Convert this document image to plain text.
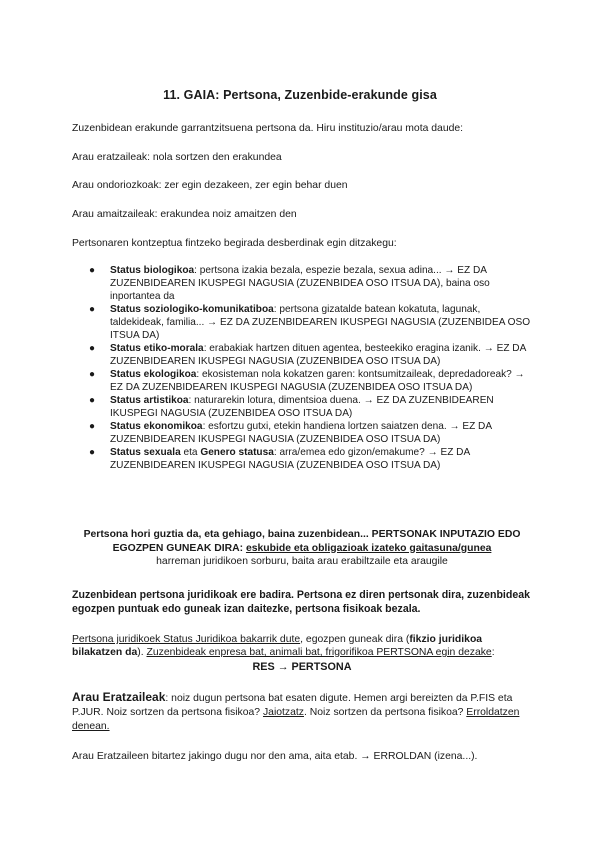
11. GAIA: Pertsona, Zuzenbide-erakunde gisa
Zuzenbidean erakunde garrantzitsuena pertsona da. Hiru instituzio/arau mota daude:
Arau eratzaileak: nola sortzen den erakundea
Arau ondoriozkoak: zer egin dezakeen, zer egin behar duen
Arau amaitzaileak: erakundea noiz amaitzen den
Pertsonaren kontzeptua fintzeko begirada desberdinak egin ditzakegu:
● Status biologikoa: pertsona izakia bezala, espezie bezala, sexua adina... → EZ DA ZUZENBIDEAREN IKUSPEGI NAGUSIA (ZUZENBIDEA OSO ITSUA DA), baina oso inportantea da
● Status soziologiko-komunikatiboa: pertsona gizatalde batean kokatuta, lagunak, taldekideak, familia... → EZ DA ZUZENBIDEAREN IKUSPEGI NAGUSIA (ZUZENBIDEA OSO ITSUA DA)
● Status etiko-morala: erabakiak hartzen dituen agentea, besteekiko eragina izanik. → EZ DA ZUZENBIDEAREN IKUSPEGI NAGUSIA (ZUZENBIDEA OSO ITSUA DA)
● Status ekologikoa: ekosisteman nola kokatzen garen: kontsumitzaileak, depredadoreak? → EZ DA ZUZENBIDEAREN IKUSPEGI NAGUSIA (ZUZENBIDEA OSO ITSUA DA)
● Status artistikoa: naturarekin lotura, dimentsioa duena. → EZ DA ZUZENBIDEAREN IKUSPEGI NAGUSIA (ZUZENBIDEA OSO ITSUA DA)
● Status ekonomikoa: esfortzu gutxi, etekin handiena lortzen saiatzen dena. → EZ DA ZUZENBIDEAREN IKUSPEGI NAGUSIA (ZUZENBIDEA OSO ITSUA DA)
● Status sexuala eta Genero statusa: arra/emea edo gizon/emakume? → EZ DA ZUZENBIDEAREN IKUSPEGI NAGUSIA (ZUZENBIDEA OSO ITSUA DA)
Pertsona hori guztia da, eta gehiago, baina zuzenbidean... PERTSONAK INPUTAZIO EDO EGOZPEN GUNEAK DIRA: eskubide eta obligazioak izateko gaitasuna/gunea
harreman juridikoen sorburu, baita arau erabiltzaile eta araugile
Zuzenbidean pertsona juridikoak ere badira. Pertsona ez diren pertsonak dira, zuzenbideak egozpen puntuak edo guneak izan daitezke, pertsona fisikoak bezala.
Pertsona juridikoek Status Juridikoa bakarrik dute, egozpen guneak dira (fikzio juridikoa bilakatzen da). Zuzenbideak enpresa bat, animali bat, frigorifikoa PERTSONA egin dezake:
RES → PERTSONA
Arau Eratzaileak: noiz dugun pertsona bat esaten digute. Hemen argi bereizten da P.FIS eta P.JUR. Noiz sortzen da pertsona fisikoa? Jaiotzatz. Noiz sortzen da pertsona fisikoa? Erroldatzen denean.
Arau Eratzaileen bitartez jakingo dugu nor den ama, aita etab. → ERROLDAN (izena...).
